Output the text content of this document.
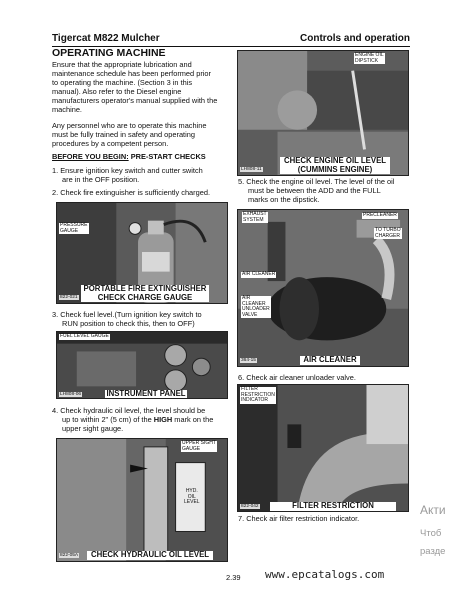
Tigercat M822 Mulcher	Controls and operation
OPERATING MACHINE
Ensure that the appropriate lubrication and
maintenance schedule has been performed prior
to operating the machine. (Section 3 in this
manual). Also refer to the Diesel engine
manufacturers operator's manual supplied with the
machine.
Any personnel who are to operate this machine
must be fully trained in safety and operating
procedures by a competent person.
BEFORE YOU BEGIN: PRE-START CHECKS
1. Ensure ignition key switch and cutter switch
are in the OFF position.
2. Check fire extinguisher is sufficiently charged.
PRESSURE
GAUGE
822-021
PORTABLE FIRE EXTINGUISHER
CHECK CHARGE GAUGE
3. Check fuel level.(Turn ignition key switch to
RUN position to check this, then to OFF)
FUEL LEVEL GAUGE
LH808-06	INSTRUMENT PANEL
4. Check hydraulic oil level, the level should be
up to within 2" (5 cm) of the HIGH mark on the
upper sight gauge.
UPPER SIGHT
GAUGE
HYD.
OIL
LEVEL
822-05A	CHECK HYDRAULIC OIL LEVEL
ENGINE OIL
DIPSTICK
LH808-11
CHECK ENGINE OIL LEVEL
(CUMMINS ENGINE)
5. Check the engine oil level. The level of the oil
must be between the ADD and the FULL
marks on the dipstick.
EXHAUST
SYSTEM
PRECLEANER
TO TURBO
CHARGER
AIR CLEANER
AIR
CLEANER
UNLOADER
VALVE
364-15	AIR CLEANER
6. Check air cleaner unloader valve.
FILTER
RESTRICTION
INDICATOR
822-042	FILTER RESTRICTION
7. Check air filter restriction indicator.
2.39 www.epcatalogs.com
Акти
Чтоб
разде
